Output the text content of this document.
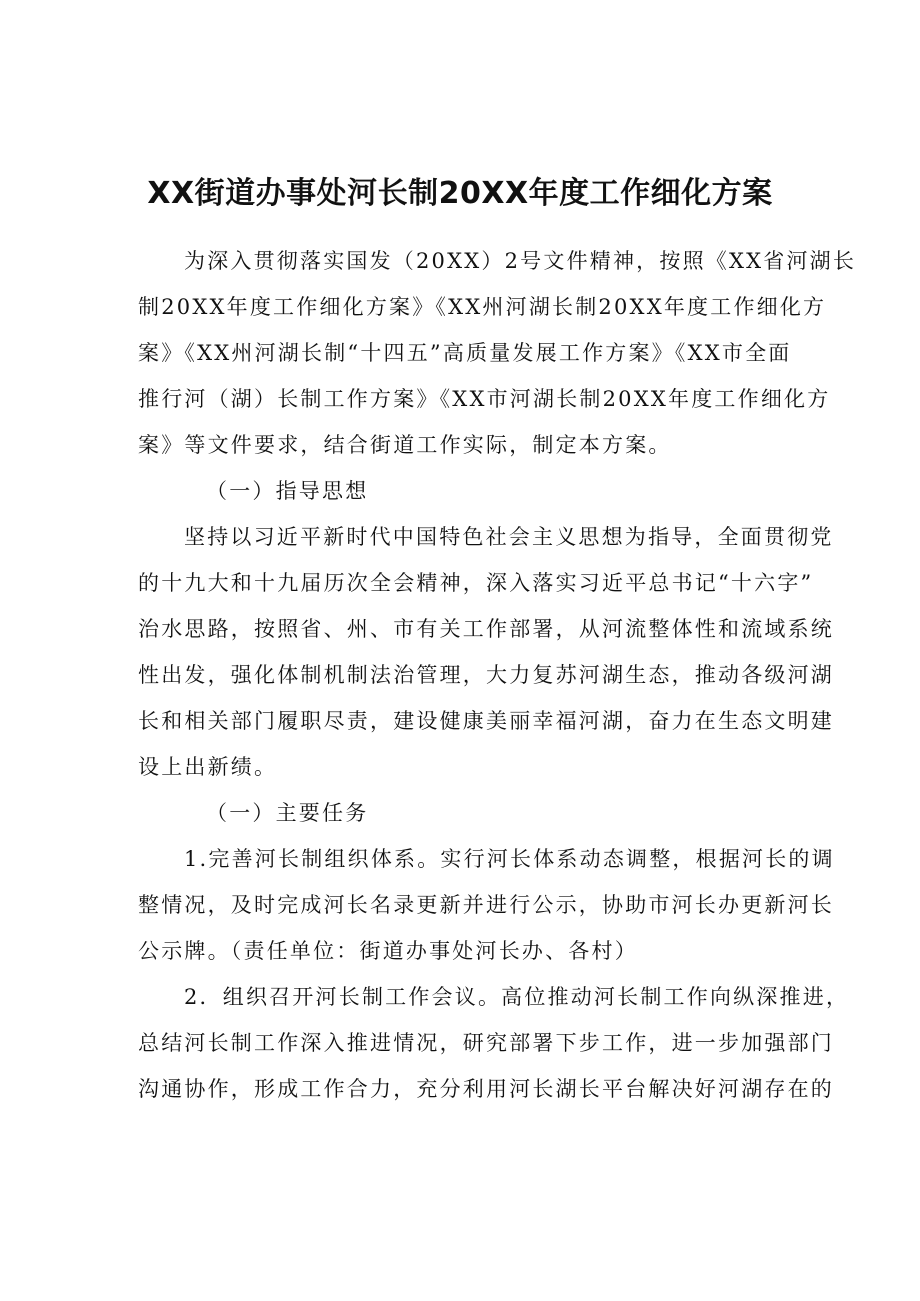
XX街道办事处河长制20XX年度工作细化方案

为深入贯彻落实国发（20XX）2号文件精神，按照《XX省河湖长
制20XX年度工作细化方案》《XX州河湖长制20XX年度工作细化方
案》《XX州河湖长制“十四五”高质量发展工作方案》《XX市全面
推行河（湖）长制工作方案》《XX市河湖长制20XX年度工作细化方
案》等文件要求，结合街道工作实际，制定本方案。

（一）指导思想

坚持以习近平新时代中国特色社会主义思想为指导，全面贯彻党
的十九大和十九届历次全会精神，深入落实习近平总书记“十六字”
治水思路，按照省、州、市有关工作部署，从河流整体性和流域系统
性出发，强化体制机制法治管理，大力复苏河湖生态，推动各级河湖
长和相关部门履职尽责，建设健康美丽幸福河湖，奋力在生态文明建
设上出新绩。

（一）主要任务

1.完善河长制组织体系。实行河长体系动态调整，根据河长的调
整情况，及时完成河长名录更新并进行公示，协助市河长办更新河长
公示牌。（责任单位：街道办事处河长办、各村）

2．组织召开河长制工作会议。高位推动河长制工作向纵深推进，
总结河长制工作深入推进情况，研究部署下步工作，进一步加强部门
沟通协作，形成工作合力，充分利用河长湖长平台解决好河湖存在的
